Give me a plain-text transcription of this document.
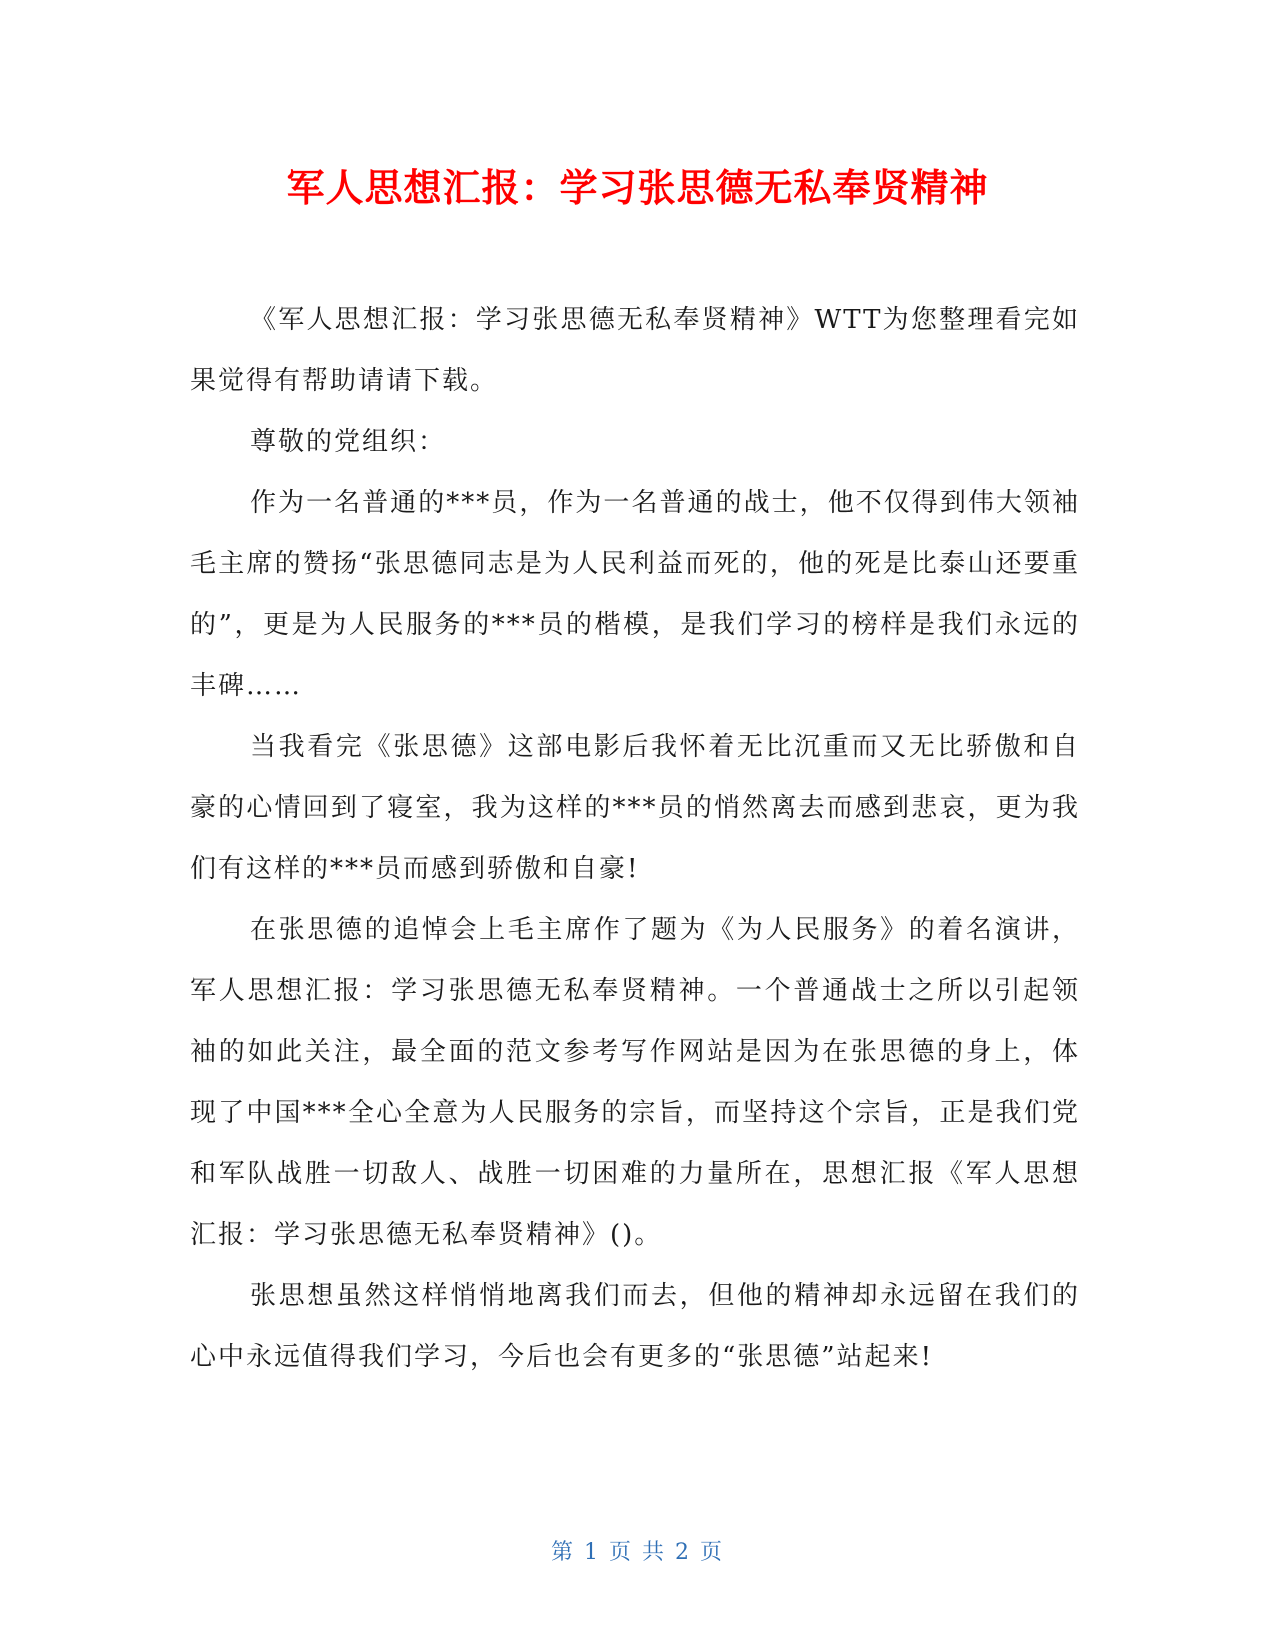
军人思想汇报：学习张思德无私奉贤精神

《军人思想汇报：学习张思德无私奉贤精神》WTT为您整理看完如果觉得有帮助请请下载。

尊敬的党组织：

作为一名普通的***员，作为一名普通的战士，他不仅得到伟大领袖毛主席的赞扬“张思德同志是为人民利益而死的，他的死是比泰山还要重的”，更是为人民服务的***员的楷模，是我们学习的榜样是我们永远的丰碑……

当我看完《张思德》这部电影后我怀着无比沉重而又无比骄傲和自豪的心情回到了寝室，我为这样的***员的悄然离去而感到悲哀，更为我们有这样的***员而感到骄傲和自豪!

在张思德的追悼会上毛主席作了题为《为人民服务》的着名演讲，军人思想汇报：学习张思德无私奉贤精神。一个普通战士之所以引起领袖的如此关注，最全面的范文参考写作网站是因为在张思德的身上，体现了中国***全心全意为人民服务的宗旨，而坚持这个宗旨，正是我们党和军队战胜一切敌人、战胜一切困难的力量所在，思想汇报《军人思想汇报：学习张思德无私奉贤精神》()。

张思想虽然这样悄悄地离我们而去，但他的精神却永远留在我们的心中永远值得我们学习，今后也会有更多的“张思德”站起来!

第 1 页 共 2 页
